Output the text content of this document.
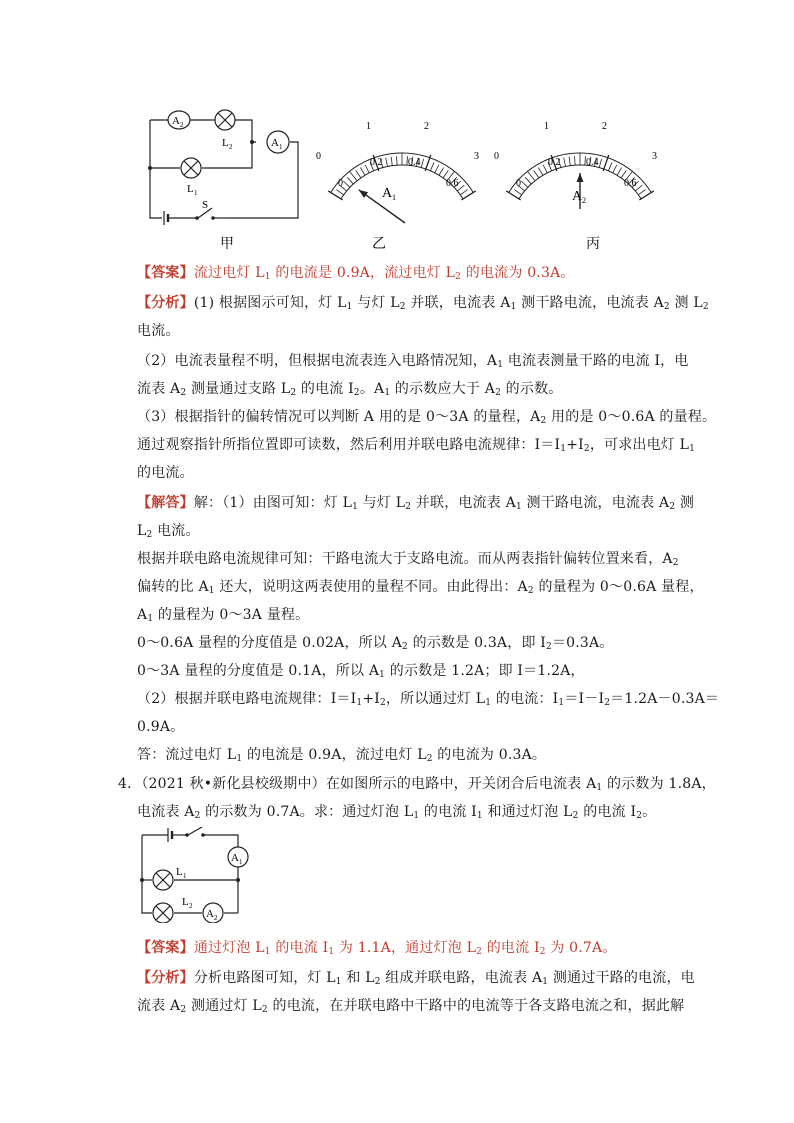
A 2
L 2	A 1
L 1
S
甲
A 1
0
1	2
3
0
0.2	0.4
0.6
乙
A 2
0
1	2
3
0
0.2	0.4
0.6
丙
【答案】流过电灯 $L_1$ 的电流是 0.9A，流过电灯 $L_2$ 的电流为 0.3A。
【分析】(1) 根据图示可知，灯 $L_1$ 与灯 $L_2$ 并联，电流表 $A_1$ 测干路电流，电流表 $A_2$ 测 $L_2$
电流。
（2）电流表量程不明，但根据电流表连入电路情况知，$A_1$ 电流表测量干路的电流 I，电
流表 $A_2$ 测量通过支路 $L_2$ 的电流 $I_2$。$A_1$ 的示数应大于 $A_2$ 的示数。
（3）根据指针的偏转情况可以判断 A 用的是 0～3A 的量程，$A_2$ 用的是 0～0.6A 的量程。
通过观察指针所指位置即可读数，然后利用并联电路电流规律：$I=I_1+I_2$，可求出电灯 $L_1$
的电流。
【解答】解：（1）由图可知：灯 $L_1$ 与灯 $L_2$ 并联，电流表 $A_1$ 测干路电流，电流表 $A_2$ 测
$L_2$ 电流。
根据并联电路电流规律可知：干路电流大于支路电流。而从两表指针偏转位置来看，$A_2$
偏转的比 $A_1$ 还大，说明这两表使用的量程不同。由此得出：$A_2$ 的量程为 0～0.6A 量程，
$A_1$ 的量程为 0～3A 量程。
0～0.6A 量程的分度值是 0.02A，所以 $A_2$ 的示数是 0.3A，即 $I_2=0.3A$。
0～3A 量程的分度值是 0.1A，所以 $A_1$ 的示数是 1.2A；即 I＝1.2A，
（2）根据并联电路电流规律：$I=I_1+I_2$，所以通过灯 $L_1$ 的电流：$I_1=I-I_2=1.2A-0.3A=$
0.9A。
答：流过电灯 $L_1$ 的电流是 0.9A，流过电灯 $L_2$ 的电流为 0.3A。
4．（2021 秋•新化县校级期中）在如图所示的电路中，开关闭合后电流表 $A_1$ 的示数为 1.8A，
电流表 $A_2$ 的示数为 0.7A。求：通过灯泡 $L_1$ 的电流 $I_1$ 和通过灯泡 $L_2$ 的电流 $I_2$。
A 1
L 1
L 2
A 2
【答案】通过灯泡 $L_1$ 的电流 $I_1$ 为 1.1A，通过灯泡 $L_2$ 的电流 $I_2$ 为 0.7A。
【分析】分析电路图可知，灯 $L_1$ 和 $L_2$ 组成并联电路，电流表 $A_1$ 测通过干路的电流，电
流表 $A_2$ 测通过灯 $L_2$ 的电流，在并联电路中干路中的电流等于各支路电流之和，据此解
